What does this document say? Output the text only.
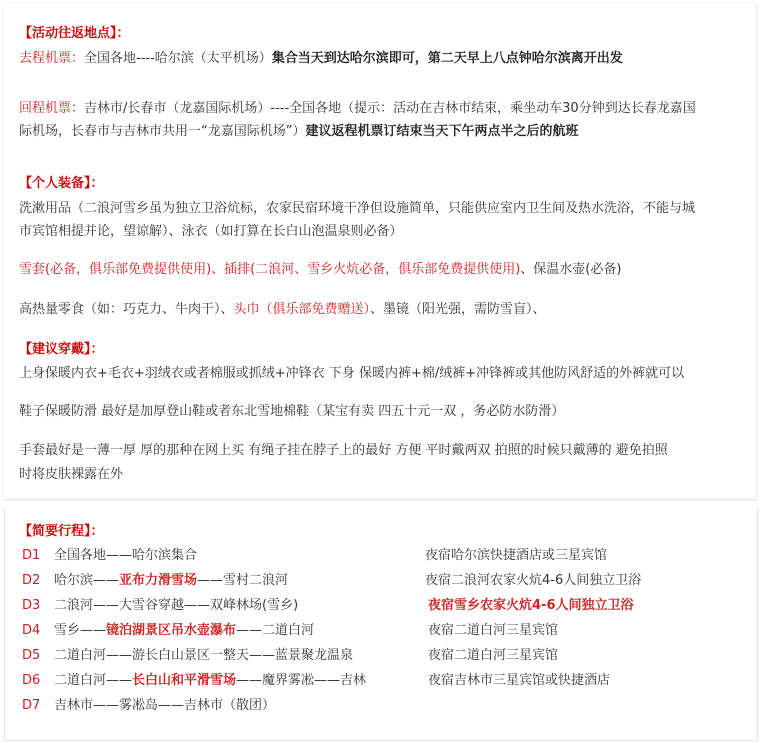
【活动往返地点】：
去程机票：全国各地----哈尔滨（太平机场）集合当天到达哈尔滨即可，第二天早上八点钟哈尔滨离开出发
回程机票：吉林市/长春市（龙嘉国际机场）----全国各地（提示：活动在吉林市结束，乘坐动车30分钟到达长春龙嘉国
际机场，长春市与吉林市共用一“龙嘉国际机场”）建议返程机票订结束当天下午两点半之后的航班
【个人装备】：
洗漱用品（二浪河雪乡虽为独立卫浴炕标，农家民宿环境干净但设施简单，只能供应室内卫生间及热水洗浴，不能与城
市宾馆相提并论，望谅解）、泳衣（如打算在长白山泡温泉则必备）
雪套(必备，俱乐部免费提供使用)、插排(二浪河、雪乡火炕必备，俱乐部免费提供使用)、保温水壶(必备)
高热量零食（如：巧克力、牛肉干）、头巾（俱乐部免费赠送）、墨镜（阳光强，需防雪盲）、
【建议穿戴】：
上身保暖内衣+毛衣+羽绒衣或者棉服或抓绒+冲锋衣 下身 保暖内裤+棉/绒裤+冲锋裤或其他防风舒适的外裤就可以
鞋子保暖防滑 最好是加厚登山鞋或者东北雪地棉鞋（某宝有卖 四五十元一双 ，务必防水防滑）
手套最好是一薄一厚 厚的那种在网上买 有绳子挂在脖子上的最好 方便 平时戴两双 拍照的时候只戴薄的 避免拍照
时将皮肤裸露在外
【简要行程】：
D1 全国各地——哈尔滨集合	夜宿哈尔滨快捷酒店或三星宾馆
D2 哈尔滨——亚布力滑雪场——雪村二浪河	夜宿二浪河农家火炕4-6人间独立卫浴
D3 二浪河——大雪谷穿越——双峰林场(雪乡)	夜宿雪乡农家火炕4-6人间独立卫浴
D4 雪乡——镜泊湖景区吊水壶瀑布——二道白河	夜宿二道白河三星宾馆
D5 二道白河——游长白山景区一整天——蓝景聚龙温泉	夜宿二道白河三星宾馆
D6 二道白河——长白山和平滑雪场——魔界雾凇——吉林	夜宿吉林市三星宾馆或快捷酒店
D7 吉林市——雾凇岛——吉林市（散团）
